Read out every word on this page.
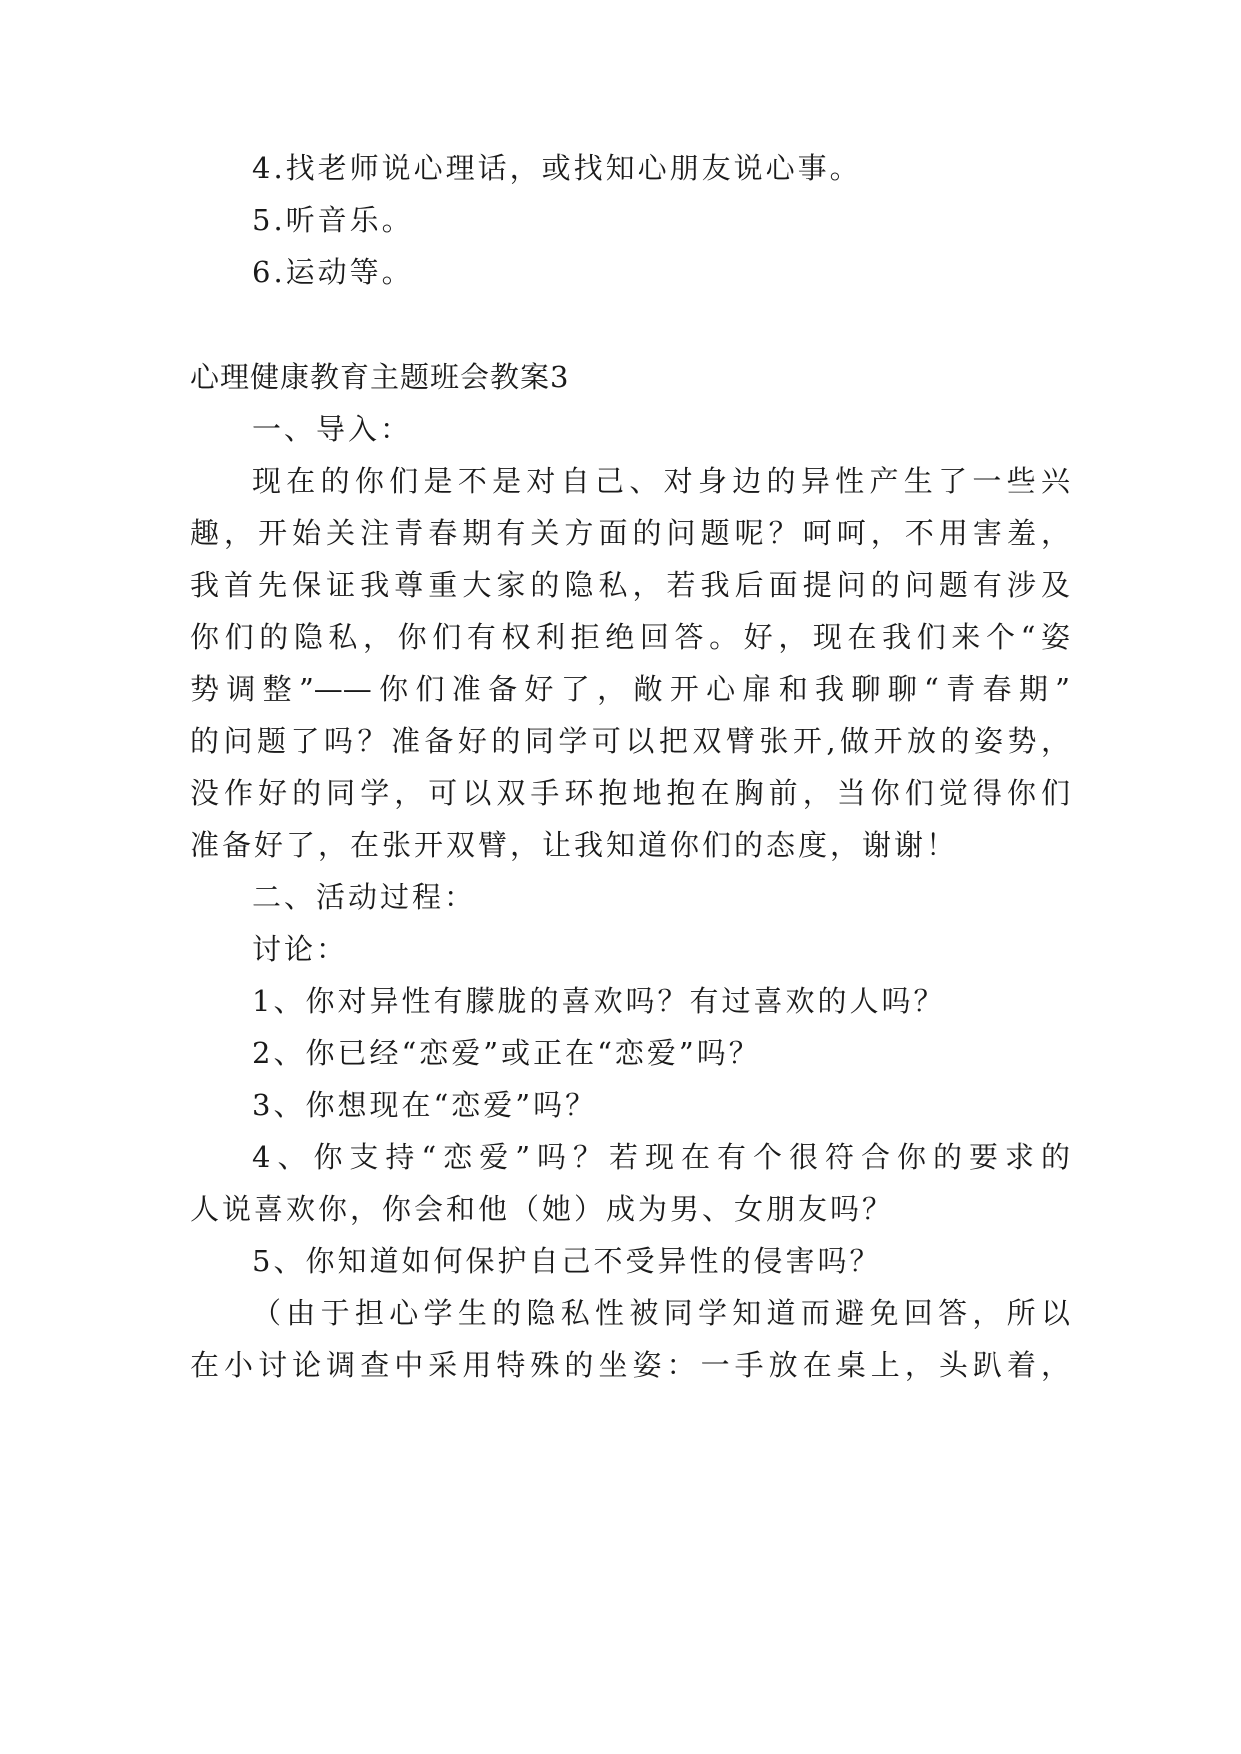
4.找老师说心理话，或找知心朋友说心事。
5.听音乐。
6.运动等。
心理健康教育主题班会教案3
一、导入：
现在的你们是不是对自己、对身边的异性产生了一些兴
趣，开始关注青春期有关方面的问题呢？呵呵，不用害羞，
我首先保证我尊重大家的隐私，若我后面提问的问题有涉及
你们的隐私，你们有权利拒绝回答。好，现在我们来个“姿
势调整”——你们准备好了，敞开心扉和我聊聊“青春期”
的问题了吗？准备好的同学可以把双臂张开,做开放的姿势，
没作好的同学，可以双手环抱地抱在胸前，当你们觉得你们
准备好了，在张开双臂，让我知道你们的态度，谢谢！
二、活动过程：
讨论：
1、你对异性有朦胧的喜欢吗？有过喜欢的人吗？
2、你已经“恋爱”或正在“恋爱”吗？
3、你想现在“恋爱”吗？
4、你支持“恋爱”吗？若现在有个很符合你的要求的
人说喜欢你，你会和他（她）成为男、女朋友吗？
5、你知道如何保护自己不受异性的侵害吗？
（由于担心学生的隐私性被同学知道而避免回答，所以
在小讨论调查中采用特殊的坐姿：一手放在桌上，头趴着，
